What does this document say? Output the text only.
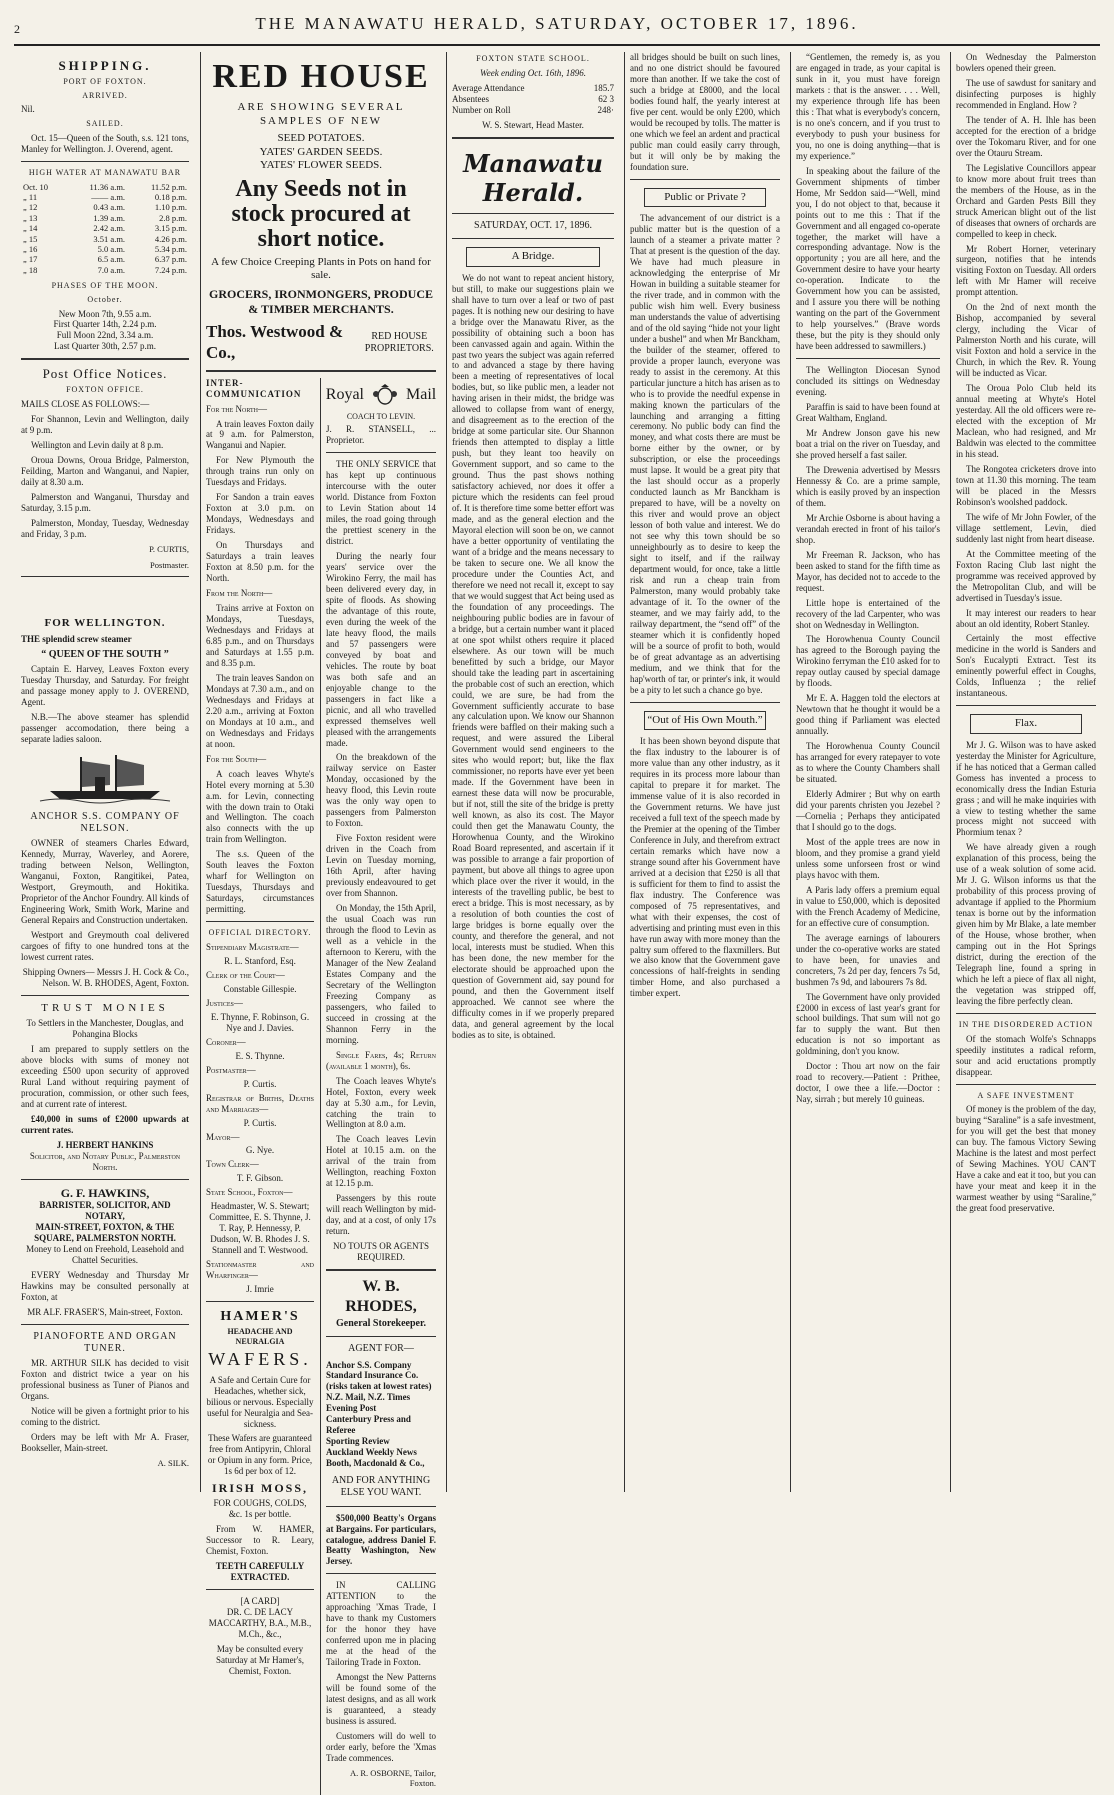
2	THE MANAWATU HERALD, SATURDAY, OCTOBER 17, 1896.
SHIPPING.
PORT OF FOXTON.
ARRIVED.

Nil.

SAILED.

Oct. 15—Queen of the South, s.s. 121 tons, Manley for Wellington. J. Overend, agent.

HIGH WATER AT MANAWATU BAR
Oct. 10	11.36 a.m.	11.52 p.m.
„ 11	—— a.m.	0.18 p.m.
„ 12	0.43 a.m.	1.10 p.m.
„ 13	1.39 a.m.	2.8 p.m.
„ 14	2.42 a.m.	3.15 p.m.
„ 15	3.51 a.m.	4.26 p.m.
„ 16	5.0 a.m.	5.34 p.m.
„ 17	6.5 a.m.	6.37 p.m.
„ 18	7.0 a.m.	7.24 p.m.
PHASES OF THE MOON.
October.
New Moon 7th, 9.55 a.m.
First Quarter 14th, 2.24 p.m.
Full Moon 22nd, 3.34 a.m.
Last Quarter 30th, 2.57 p.m.
Post Office Notices.
FOXTON OFFICE.

MAILS CLOSE AS FOLLOWS:—

For Shannon, Levin and Wellington, daily at 9 p.m.

Wellington and Levin daily at 8 p.m.

Oroua Downs, Oroua Bridge, Palmerston, Feilding, Marton and Wanganui, and Napier, daily at 8.30 a.m.

Palmerston and Wanganui, Thursday and Saturday, 3.15 p.m.

Palmerston, Monday, Tuesday, Wednesday and Friday, 3 p.m.

P. CURTIS,
Postmaster.
FOR WELLINGTON.

THE splendid screw steamer

“ QUEEN OF THE SOUTH ”

Captain E. Harvey, Leaves Foxton every Tuesday Thursday, and Saturday. For freight and passage money apply to J. OVEREND, Agent.

N.B.—The above steamer has splendid passenger accomodation, there being a separate ladies saloon.

ANCHOR S.S. COMPANY OF NELSON.

OWNER of steamers Charles Edward, Kennedy, Murray, Waverley, and Aorere, trading between Nelson, Wellington, Wanganui, Foxton, Rangitikei, Patea, Westport, Greymouth, and Hokitika. Proprietor of the Anchor Foundry. All kinds of Engineering Work, Smith Work, Marine and General Repairs and Construction undertaken.

Westport and Greymouth coal delivered cargoes of fifty to one hundred tons at the lowest current rates.

Shipping Owners— Messrs J. H. Cock & Co., Nelson. W. B. RHODES, Agent, Foxton.

TRUST MONIES

To Settlers in the Manchester, Douglas, and Pohangina Blocks

I am prepared to supply settlers on the above blocks with sums of money not exceeding £500 upon security of approved Rural Land without requiring payment of procuration, commission, or other such fees, and at current rate of interest.

£40,000 in sums of £2000 upwards at current rates.

J. HERBERT HANKINS
Solicitor, and Notary Public, Palmerston North.
G. F. HAWKINS,
BARRISTER, SOLICITOR, AND NOTARY,
MAIN-STREET, FOXTON, & THE SQUARE, PALMERSTON NORTH.

Money to Lend on Freehold, Leasehold and Chattel Securities.

EVERY Wednesday and Thursday Mr Hawkins may be consulted personally at Foxton, at

MR ALF. FRASER'S, Main-street, Foxton.

PIANOFORTE AND ORGAN TUNER.

MR. ARTHUR SILK has decided to visit Foxton and district twice a year on his professional business as Tuner of Pianos and Organs.

Notice will be given a fortnight prior to his coming to the district.

Orders may be left with Mr A. Fraser, Bookseller, Main-street.

A. SILK.
RED HOUSE

ARE SHOWING SEVERAL SAMPLES OF NEW

SEED POTATOES.
YATES' GARDEN SEEDS.
YATES' FLOWER SEEDS.
Any Seeds not in stock procured at short notice.

A few Choice Creeping Plants in Pots on hand for sale.

GROCERS, IRONMONGERS, PRODUCE & TIMBER MERCHANTS.
Thos. Westwood & Co.,
RED HOUSE PROPRIETORS.
INTER-COMMUNICATION

For the North—

A train leaves Foxton daily at 9 a.m. for Palmerston, Wanganui and Napier.

For New Plymouth the through trains run only on Tuesdays and Fridays.

For Sandon a train eaves Foxton at 3.0 p.m. on Mondays, Wednesdays and Fridays.

On Thursdays and Saturdays a train leaves Foxton at 8.50 p.m. for the North.

From the North—

Trains arrive at Foxton on Mondays, Tuesdays, Wednesdays and Fridays at 6.85 p.m., and on Thursdays and Saturdays at 1.55 p.m. and 8.35 p.m.

The train leaves Sandon on Mondays at 7.30 a.m., and on Wednesdays and Fridays at 2.20 a.m., arriving at Foxton on Mondays at 10 a.m., and on Wednesdays and Fridays at noon.

For the South—

A coach leaves Whyte's Hotel every morning at 5.30 a.m. for Levin, connecting with the down train to Otaki and Wellington. The coach also connects with the up train from Wellington.

The s.s. Queen of the South leaves the Foxton wharf for Wellington on Tuesdays, Thursdays and Saturdays, circumstances permitting.

OFFICIAL DIRECTORY.

Stipendiary Magistrate—

R. L. Stanford, Esq.

Clerk of the Court—

Constable Gillespie.

Justices—

E. Thynne, F. Robinson, G. Nye and J. Davies.

Coroner—

E. S. Thynne.

Postmaster—

P. Curtis.

Registrar of Births, Deaths and Marriages—

P. Curtis.

Mayor—

G. Nye.

Town Clerk—

T. F. Gibson.

State School, Foxton—

Headmaster, W. S. Stewart; Committee, E. S. Thynne, J. T. Ray, P. Hennessy, P. Dudson, W. B. Rhodes J. S. Stannell and T. Westwood.

Stationmaster and Wharfinger—

J. Imrie

HAMER'S
HEADACHE AND NEURALGIA
WAFERS.

A Safe and Certain Cure for Headaches, whether sick, bilious or nervous. Especially useful for Neuralgia and Sea-sickness.

These Wafers are guaranteed free from Antipyrin, Chloral or Opium in any form. Price, 1s 6d per box of 12.

IRISH MOSS,

FOR COUGHS, COLDS, &c. 1s per bottle.

From W. HAMER, Successor to R. Leary, Chemist, Foxton.

TEETH CAREFULLY EXTRACTED.
[A CARD]

DR. C. DE LACY MACCARTHY, B.A., M.B., M.Ch., &c.,

May be consulted every Saturday at Mr Hamer's, Chemist, Foxton.

Royal	Mail
COACH TO LEVIN.

J. R. STANSELL, ... Proprietor.

THE ONLY SERVICE that has kept up continuous intercourse with the outer world. Distance from Foxton to Levin Station about 14 miles, the road going through the prettiest scenery in the district.

During the nearly four years' service over the Wirokino Ferry, the mail has been delivered every day, in spite of floods. As showing the advantage of this route, even during the week of the late heavy flood, the mails and 57 passengers were conveyed by boat and vehicles. The route by boat was both safe and an enjoyable change to the passengers in fact like a picnic, and all who travelled expressed themselves well pleased with the arrangements made.

On the breakdown of the railway service on Easter Monday, occasioned by the heavy flood, this Levin route was the only way open to passengers from Palmerston to Foxton.

Five Foxton resident were driven in the Coach from Levin on Tuesday morning, 16th April, after having previously endeavoured to get over from Shannon.

On Monday, the 15th April, the usual Coach was run through the flood to Levin as well as a vehicle in the afternoon to Kereru, with the Manager of the New Zealand Estates Company and the Secretary of the Wellington Freezing Company as passengers, who failed to succeed in crossing at the Shannon Ferry in the morning.

Single Fares, 4s; Return (available 1 month), 6s.

The Coach leaves Whyte's Hotel, Foxton, every week day at 5.30 a.m., for Levin, catching the train to Wellington at 8.0 a.m.

The Coach leaves Levin Hotel at 10.15 a.m. on the arrival of the train from Wellington, reaching Foxton at 12.15 p.m.

Passengers by this route will reach Wellington by mid-day, and at a cost, of only 17s return.

NO TOUTS OR AGENTS REQUIRED.

W. B. RHODES,
General Storekeeper.
AGENT FOR—
Anchor S.S. Company
Standard Insurance Co. (risks taken at lowest rates)
N.Z. Mail, N.Z. Times
Evening Post
Canterbury Press and Referee
Sporting Review
Auckland Weekly News
Booth, Macdonald & Co.,

AND FOR ANYTHING ELSE YOU WANT.

$500,000 Beatty's Organs at Bargains. For particulars, catalogue, address Daniel F. Beatty Washington, New Jersey.

IN CALLING ATTENTION to the approaching 'Xmas Trade, I have to thank my Customers for the honor they have conferred upon me in placing me at the head of the Tailoring Trade in Foxton.

Amongst the New Patterns will be found some of the latest designs, and as all work is guaranteed, a steady business is assured.

Customers will do well to order early, before the 'Xmas Trade commences.

A. R. OSBORNE, Tailor, Foxton.
FOXTON STATE SCHOOL.
Week ending Oct. 16th, 1896.
Average Attendance	185.7
Absentees	62 3
Number on Roll	248·
W. S. Stewart, Head Master.
Manawatu Herald.
SATURDAY, OCT. 17, 1896.
A Bridge.

We do not want to repeat ancient history, but still, to make our suggestions plain we shall have to turn over a leaf or two of past pages. It is nothing new our desiring to have a bridge over the Manawatu River, as the possibility of obtaining such a boon has been canvassed again and again. Within the past two years the subject was again referred to and advanced a stage by there having been a meeting of representatives of local bodies, but, so like public men, a leader not having arisen in their midst, the bridge was allowed to collapse from want of energy, and disagreement as to the erection of the bridge at some particular site. Our Shannon friends then attempted to display a little push, but they leant too heavily on Government support, and so came to the ground. Thus the past shows nothing satisfactory achieved, nor does it offer a picture which the residents can feel proud of. It is therefore time some better effort was made, and as the general election and the Mayoral election will soon be on, we cannot have a better opportunity of ventilating the want of a bridge and the means necessary to be taken to secure one. We all know the procedure under the Counties Act, and therefore we need not recall it, except to say that we would suggest that Act being used as the foundation of any proceedings. The neighbouring public bodies are in favour of a bridge, but a certain number want it placed at one spot whilst others require it placed elsewhere. As our town will be much benefitted by such a bridge, our Mayor should take the leading part in ascertaining the probable cost of such an erection, which could, we are sure, be had from the Government sufficiently accurate to base any calculation upon. We know our Shannon friends were baffled on their making such a request, and were assured the Liberal Government would send engineers to the sites who would report; but, like the flax commissioner, no reports have ever yet been made. If the Government have been in earnest these data will now be procurable, but if not, still the site of the bridge is pretty well known, as also its cost. The Mayor could then get the Manawatu County, the Horowhenua County, and the Wirokino Road Board represented, and ascertain if it was possible to arrange a fair proportion of payment, but above all things to agree upon which place over the river it would, in the interests of the travelling public, be best to erect a bridge. This is most necessary, as by a resolution of both counties the cost of large bridges is borne equally over the county, and therefore the general, and not local, interests must be studied. When this has been done, the new member for the electorate should be approached upon the question of Government aid, say pound for pound, and then the Government itself approached. We cannot see where the difficulty comes in if we properly prepared data, and general agreement by the local bodies as to site, is obtained.

all bridges should be built on such lines, and no one district should be favoured more than another. If we take the cost of such a bridge at £8000, and the local bodies found half, the yearly interest at five per cent. would be only £200, which would be recouped by tolls. The matter is one which we feel an ardent and practical public man could easily carry through, but it will only be by making the foundation sure.

Public or Private ?

The advancement of our district is a public matter but is the question of a launch of a steamer a private matter ? That at present is the question of the day. We have had much pleasure in acknowledging the enterprise of Mr Howan in building a suitable steamer for the river trade, and in common with the public wish him well. Every business man understands the value of advertising and of the old saying “hide not your light under a bushel” and when Mr Banckham, the builder of the steamer, offered to provide a proper launch, everyone was ready to assist in the ceremony. At this particular juncture a hitch has arisen as to who is to provide the needful expense in making known the particulars of the launching and arranging a fitting ceremony. No public body can find the money, and what costs there are must be borne either by the owner, or by subscription, or else the proceedings must lapse. It would be a great pity that the last should occur as a properly conducted launch as Mr Banckham is prepared to have, will be a novelty on this river and would prove an object lesson of both value and interest. We do not see why this town should be so unneighbourly as to desire to keep the sight to itself, and if the railway department would, for once, take a little risk and run a cheap train from Palmerston, many would probably take advantage of it. To the owner of the steamer, and we may fairly add, to the railway department, the “send off” of the steamer which it is confidently hoped will be a source of profit to both, would be of great advantage as an advertising medium, and we think that for the hap'worth of tar, or printer's ink, it would be a pity to let such a chance go bye.

“Out of His Own Mouth.”

It has been shown beyond dispute that the flax industry to the labourer is of more value than any other industry, as it requires in its process more labour than capital to prepare it for market. The immense value of it is also recorded in the Government returns. We have just received a full text of the speech made by the Premier at the opening of the Timber Conference in July, and therefrom extract certain remarks which have now a strange sound after his Government have arrived at a decision that £250 is all that is sufficient for them to find to assist the flax industry. The Conference was composed of 75 representatives, and what with their expenses, the cost of advertising and printing must even in this have run away with more money than the paltry sum offered to the flaxmillers. But we also know that the Government gave concessions of half-freights in sending timber Home, and also purchased a timber expert.

“Gentlemen, the remedy is, as you are engaged in trade, as your capital is sunk in it, you must have foreign markets : that is the answer. . . . Well, my experience through life has been this : That what is everybody's concern, is no one's concern, and if you trust to everybody to push your business for you, no one is doing anything—that is my experience.”

In speaking about the failure of the Government shipments of timber Home, Mr Seddon said—“Well, mind you, I do not object to that, because it points out to me this : That if the Government and all engaged co-operate together, the market will have a corresponding advantage. Now is the opportunity ; you are all here, and the Government desire to have your hearty co-operation. Indicate to the Government how you can be assisted, and I assure you there will be nothing wanting on the part of the Government to help yourselves.” (Brave words these, but the pity is they should only have been addressed to sawmillers.)

The Wellington Diocesan Synod concluded its sittings on Wednesday evening.

Paraffin is said to have been found at Great Waltham, England.

Mr Andrew Jonson gave his new boat a trial on the river on Tuesday, and she proved herself a fast sailer.

The Drewenia advertised by Messrs Hennessy & Co. are a prime sample, which is easily proved by an inspection of them.

Mr Archie Osborne is about having a verandah erected in front of his tailor's shop.

Mr Freeman R. Jackson, who has been asked to stand for the fifth time as Mayor, has decided not to accede to the request.

Little hope is entertained of the recovery of the lad Carpenter, who was shot on Wednesday in Wellington.

The Horowhenua County Council has agreed to the Borough paying the Wirokino ferryman the £10 asked for to repay outlay caused by special damage by floods.

Mr E. A. Haggen told the electors at Newtown that he thought it would be a good thing if Parliament was elected annually.

The Horowhenua County Council has arranged for every ratepayer to vote as to where the County Chambers shall be situated.

Elderly Admirer ; But why on earth did your parents christen you Jezebel ?—Cornelia ; Perhaps they anticipated that I should go to the dogs.

Most of the apple trees are now in bloom, and they promise a grand yield unless some unforseen frost or wind plays havoc with them.

A Paris lady offers a premium equal in value to £50,000, which is deposited with the French Academy of Medicine, for an effective cure of consumption.

The average earnings of labourers under the co-operative works are stated to have been, for unavies and concreters, 7s 2d per day, fencers 7s 5d, bushmen 7s 9d, and labourers 7s 8d.

The Government have only provided £2000 in excess of last year's grant for school buildings. That sum will not go far to supply the want. But then education is not so important as goldmining, don't you know.

Doctor : Thou art now on the fair road to recovery.—Patient : Prithee, doctor, I owe thee a life.—Doctor : Nay, sirrah ; but merely 10 guineas.

On Wednesday the Palmerston bowlers opened their green.

The use of sawdust for sanitary and disinfecting purposes is highly recommended in England. How ?

The tender of A. H. Ihle has been accepted for the erection of a bridge over the Tokomaru River, and for one over the Otauru Stream.

The Legislative Councillors appear to know more about fruit trees than the members of the House, as in the Orchard and Garden Pests Bill they struck American blight out of the list of diseases that owners of orchards are compelled to keep in check.

Mr Robert Horner, veterinary surgeon, notifies that he intends visiting Foxton on Tuesday. All orders left with Mr Hamer will receive prompt attention.

On the 2nd of next month the Bishop, accompanied by several clergy, including the Vicar of Palmerston North and his curate, will visit Foxton and hold a service in the Church, in which the Rev. R. Young will be inducted as Vicar.

The Oroua Polo Club held its annual meeting at Whyte's Hotel yesterday. All the old officers were re-elected with the exception of Mr Maclean, who had resigned, and Mr Baldwin was elected to the committee in his stead.

The Rongotea cricketers drove into town at 11.30 this morning. The team will be placed in the Messrs Robinson's woolshed paddock.

The wife of Mr John Fowler, of the village settlement, Levin, died suddenly last night from heart disease.

At the Committee meeting of the Foxton Racing Club last night the programme was received approved by the Metropolitan Club, and will be advertised in Tuesday's issue.

It may interest our readers to hear about an old identity, Robert Stanley.

Certainly the most effective medicine in the world is Sanders and Son's Eucalypti Extract. Test its eminently powerful effect in Coughs, Colds, Influenza ; the relief instantaneous.

Flax.

Mr J. G. Wilson was to have asked yesterday the Minister for Agriculture, if he has noticed that a German called Gomess has invented a process to economically dress the Indian Esturia grass ; and will he make inquiries with a view to testing whether the same process might not succeed with Phormium tenax ?

We have already given a rough explanation of this process, being the use of a weak solution of some acid. Mr J. G. Wilson informs us that the probability of this process proving of advantage if applied to the Phormium tenax is borne out by the information given him by Mr Blake, a late member of the House, whose brother, when camping out in the Hot Springs district, during the erection of the Telegraph line, found a spring in which he left a piece of flax all night, the vegetation was stripped off, leaving the fibre perfectly clean.

IN THE DISORDERED ACTION

Of the stomach Wolfe's Schnapps speedily institutes a radical reform, sour and acid eructations promptly disappear.

A SAFE INVESTMENT

Of money is the problem of the day, buying “Saraline” is a safe investment, for you will get the best that money can buy. The famous Victory Sewing Machine is the latest and most perfect of Sewing Machines. YOU CAN'T Have a cake and eat it too, but you can have your meat and keep it in the warmest weather by using “Saraline,” the great food preservative.
